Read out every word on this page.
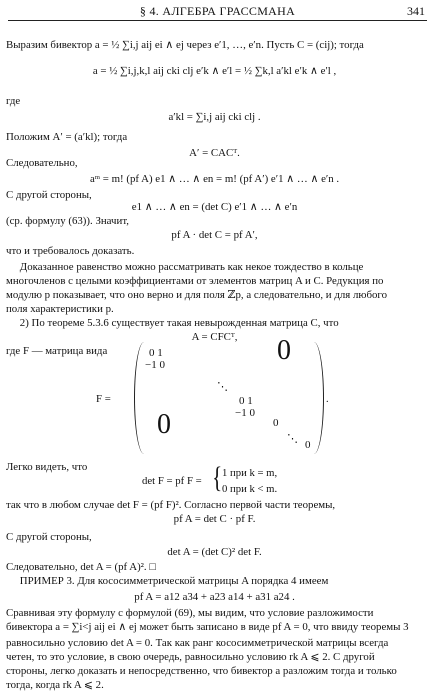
§ 4. АЛГЕБРА ГРАССМАНА	341
Выразим бивектор a = ½ ∑i,j aij ei ∧ ej через e′1, …, e′n. Пусть C = (cij); тогда
a = ½ ∑i,j,k,l aij cki clj e′k ∧ e′l = ½ ∑k,l a′kl e′k ∧ e′l ,
где
a′kl = ∑i,j aij cki clj .
Положим A′ = (a′kl); тогда
A′ = CACᵀ.
Следовательно,
aᵐ = m! (pf A) e1 ∧ … ∧ en = m! (pf A′) e′1 ∧ … ∧ e′n .
С другой стороны,
e1 ∧ … ∧ en = (det C) e′1 ∧ … ∧ e′n
(ср. формулу (63)). Значит,
pf A · det C = pf A′,
что и требовалось доказать.
Доказанное равенство можно рассматривать как некое тождество в кольце
многочленов с целыми коэффициентами от элементов матриц A и C. Редукция по
модулю p показывает, что оно верно и для поля ℤp, а следовательно, и для любого
поля характеристики p.
2) По теореме 5.3.6 существует такая невырожденная матрица C, что
A = CFCᵀ,
где F — матрица вида
F =
0 1
−1 0	0
⋱
0 1
−1 0
0
0	⋱ 0
.
Легко видеть, что
det F = pf F = { 1 при k = m,
0 при k < m.
так что в любом случае det F = (pf F)². Согласно первой части теоремы,
pf A = det C · pf F.
С другой стороны,
det A = (det C)² det F.
Следовательно, det A = (pf A)². □
ПРИМЕР 3. Для кососимметрической матрицы A порядка 4 имеем
pf A = a12 a34 + a23 a14 + a31 a24 .
Сравнивая эту формулу с формулой (69), мы видим, что условие разложимости
бивектора a = ∑i<j aij ei ∧ ej может быть записано в виде pf A = 0, что ввиду теоремы 3
равносильно условию det A = 0. Так как ранг кососимметрической матрицы всегда
четен, то это условие, в свою очередь, равносильно условию rk A ⩽ 2. С другой
стороны, легко доказать и непосредственно, что бивектор a разложим тогда и только
тогда, когда rk A ⩽ 2.
